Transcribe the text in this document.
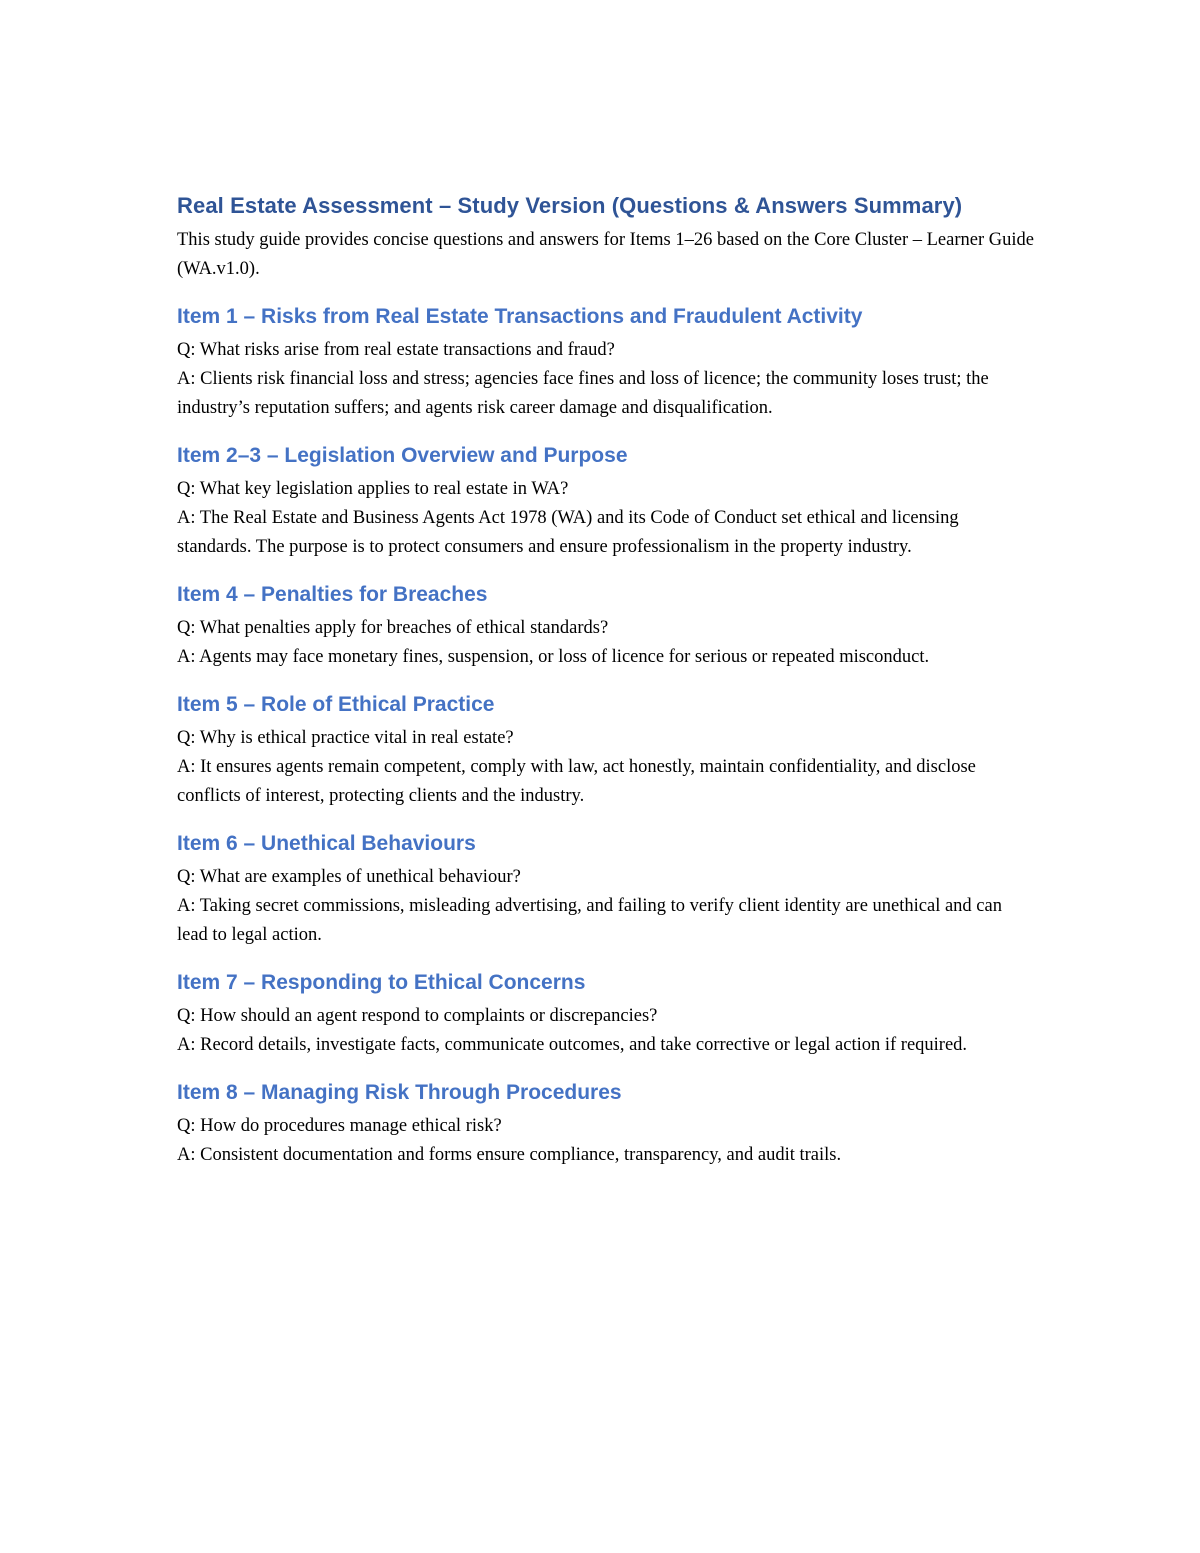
Real Estate Assessment – Study Version (Questions & Answers Summary)

This study guide provides concise questions and answers for Items 1–26 based on the Core Cluster – Learner Guide (WA.v1.0).

Item 1 – Risks from Real Estate Transactions and Fraudulent Activity

Q: What risks arise from real estate transactions and fraud?

A: Clients risk financial loss and stress; agencies face fines and loss of licence; the community loses trust; the industry’s reputation suffers; and agents risk career damage and disqualification.

Item 2–3 – Legislation Overview and Purpose

Q: What key legislation applies to real estate in WA?

A: The Real Estate and Business Agents Act 1978 (WA) and its Code of Conduct set ethical and licensing standards. The purpose is to protect consumers and ensure professionalism in the property industry.

Item 4 – Penalties for Breaches

Q: What penalties apply for breaches of ethical standards?

A: Agents may face monetary fines, suspension, or loss of licence for serious or repeated misconduct.

Item 5 – Role of Ethical Practice

Q: Why is ethical practice vital in real estate?

A: It ensures agents remain competent, comply with law, act honestly, maintain confidentiality, and disclose conflicts of interest, protecting clients and the industry.

Item 6 – Unethical Behaviours

Q: What are examples of unethical behaviour?

A: Taking secret commissions, misleading advertising, and failing to verify client identity are unethical and can lead to legal action.

Item 7 – Responding to Ethical Concerns

Q: How should an agent respond to complaints or discrepancies?

A: Record details, investigate facts, communicate outcomes, and take corrective or legal action if required.

Item 8 – Managing Risk Through Procedures

Q: How do procedures manage ethical risk?

A: Consistent documentation and forms ensure compliance, transparency, and audit trails.
